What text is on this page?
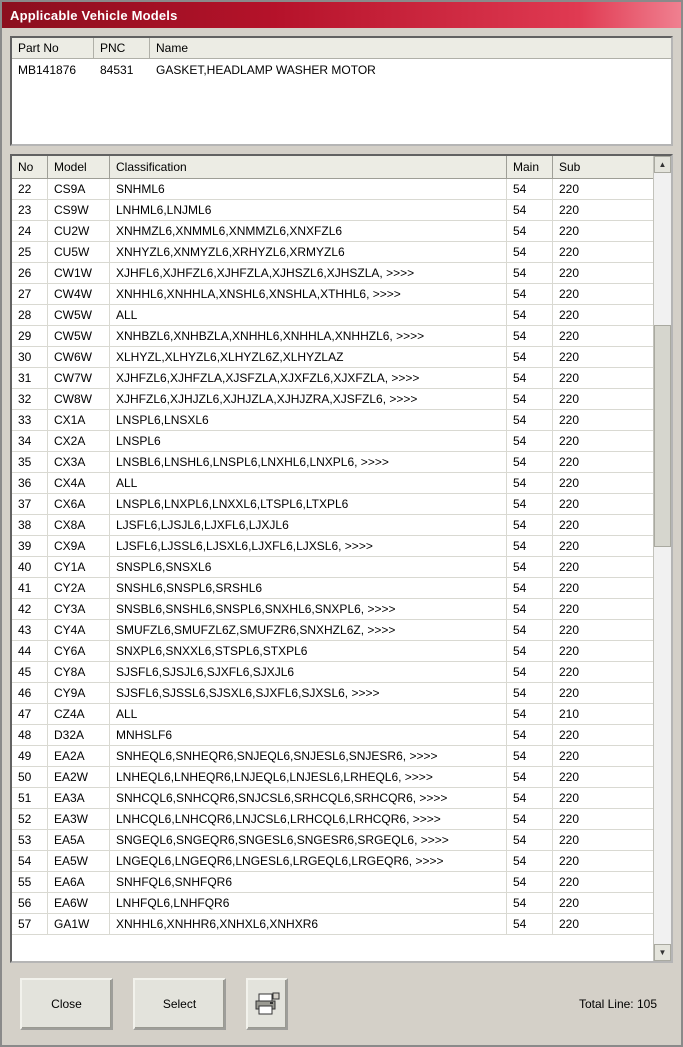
Applicable Vehicle Models
Part No	PNC	Name
MB141876	84531	GASKET,HEADLAMP WASHER MOTOR
No	Model	Classification	Main	Sub
22	CS9A	SNHML6	54	220
23	CS9W	LNHML6,LNJML6	54	220
24	CU2W	XNHMZL6,XNMML6,XNMMZL6,XNXFZL6	54	220
25	CU5W	XNHYZL6,XNMYZL6,XRHYZL6,XRMYZL6	54	220
26	CW1W	XJHFL6,XJHFZL6,XJHFZLA,XJHSZL6,XJHSZLA, >>>>	54	220
27	CW4W	XNHHL6,XNHHLA,XNSHL6,XNSHLA,XTHHL6, >>>>	54	220
28	CW5W	ALL	54	220
29	CW5W	XNHBZL6,XNHBZLA,XNHHL6,XNHHLA,XNHHZL6, >>>>	54	220
30	CW6W	XLHYZL,XLHYZL6,XLHYZL6Z,XLHYZLAZ	54	220
31	CW7W	XJHFZL6,XJHFZLA,XJSFZLA,XJXFZL6,XJXFZLA, >>>>	54	220
32	CW8W	XJHFZL6,XJHJZL6,XJHJZLA,XJHJZRA,XJSFZL6, >>>>	54	220
33	CX1A	LNSPL6,LNSXL6	54	220
34	CX2A	LNSPL6	54	220
35	CX3A	LNSBL6,LNSHL6,LNSPL6,LNXHL6,LNXPL6, >>>>	54	220
36	CX4A	ALL	54	220
37	CX6A	LNSPL6,LNXPL6,LNXXL6,LTSPL6,LTXPL6	54	220
38	CX8A	LJSFL6,LJSJL6,LJXFL6,LJXJL6	54	220
39	CX9A	LJSFL6,LJSSL6,LJSXL6,LJXFL6,LJXSL6, >>>>	54	220
40	CY1A	SNSPL6,SNSXL6	54	220
41	CY2A	SNSHL6,SNSPL6,SRSHL6	54	220
42	CY3A	SNSBL6,SNSHL6,SNSPL6,SNXHL6,SNXPL6, >>>>	54	220
43	CY4A	SMUFZL6,SMUFZL6Z,SMUFZR6,SNXHZL6Z, >>>>	54	220
44	CY6A	SNXPL6,SNXXL6,STSPL6,STXPL6	54	220
45	CY8A	SJSFL6,SJSJL6,SJXFL6,SJXJL6	54	220
46	CY9A	SJSFL6,SJSSL6,SJSXL6,SJXFL6,SJXSL6, >>>>	54	220
47	CZ4A	ALL	54	210
48	D32A	MNHSLF6	54	220
49	EA2A	SNHEQL6,SNHEQR6,SNJEQL6,SNJESL6,SNJESR6, >>>>	54	220
50	EA2W	LNHEQL6,LNHEQR6,LNJEQL6,LNJESL6,LRHEQL6, >>>>	54	220
51	EA3A	SNHCQL6,SNHCQR6,SNJCSL6,SRHCQL6,SRHCQR6, >>>>	54	220
52	EA3W	LNHCQL6,LNHCQR6,LNJCSL6,LRHCQL6,LRHCQR6, >>>>	54	220
53	EA5A	SNGEQL6,SNGEQR6,SNGESL6,SNGESR6,SRGEQL6, >>>>	54	220
54	EA5W	LNGEQL6,LNGEQR6,LNGESL6,LRGEQL6,LRGEQR6, >>>>	54	220
55	EA6A	SNHFQL6,SNHFQR6	54	220
56	EA6W	LNHFQL6,LNHFQR6	54	220
57	GA1W	XNHHL6,XNHHR6,XNHXL6,XNHXR6	54	220
▲
▼
Close	Select	Total Line: 105
